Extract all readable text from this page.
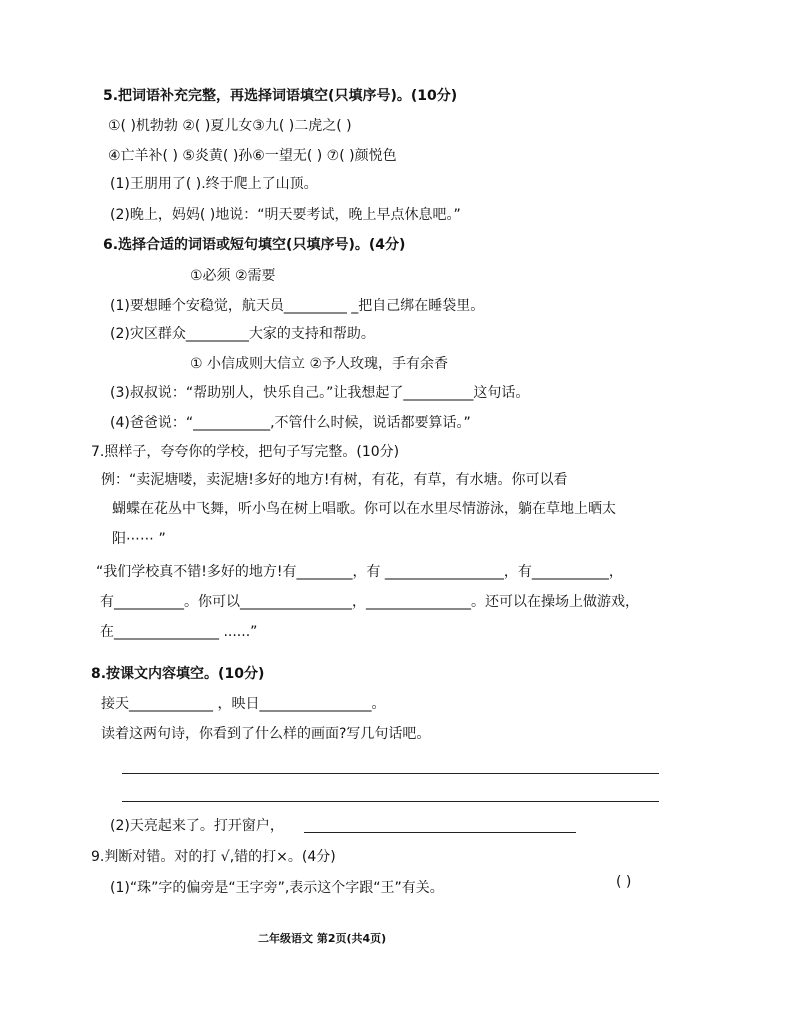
5.把词语补充完整，再选择词语填空(只填序号)。(10分)
①( )机勃勃 ②( )夏儿女③九( )二虎之( )
④亡羊补( ) ⑤炎黄( )孙⑥一望无( ) ⑦( )颜悦色
(1)王朋用了( ).终于爬上了山顶。
(2)晚上，妈妈( )地说：“明天要考试，晚上早点休息吧。”
6.选择合适的词语或短句填空(只填序号)。(4分)
①必须 ②需要
(1)要想睡个安稳觉，航天员_________ _把自己绑在睡袋里。
(2)灾区群众_________大家的支持和帮助。
① 小信成则大信立 ②予人玫瑰，手有余香
(3)叔叔说：“帮助别人，快乐自己。”让我想起了__________这句话。
(4)爸爸说：“___________,不管什么时候，说话都要算话。”
7.照样子，夸夸你的学校，把句子写完整。(10分)
例：“卖泥塘喽，卖泥塘!多好的地方!有树，有花，有草，有水塘。你可以看
蝴蝶在花丛中飞舞，听小鸟在树上唱歌。你可以在水里尽情游泳，躺在草地上晒太
阳⋯⋯ ”
“我们学校真不错!多好的地方!有________，有 _________________，有___________，
有__________。你可以________________，_______________。还可以在操场上做游戏，
在_______________ ......”
8.按课文内容填空。(10分)
接天____________ ，映日________________。
读着这两句诗，你看到了什么样的画面?写几句话吧。
(2)天亮起来了。打开窗户，
9.判断对错。对的打 √,错的打×。(4分)
(1)“珠”字的偏旁是“王字旁”,表示这个字跟“王”有关。	( )
二年级语文 第2页(共4页)
